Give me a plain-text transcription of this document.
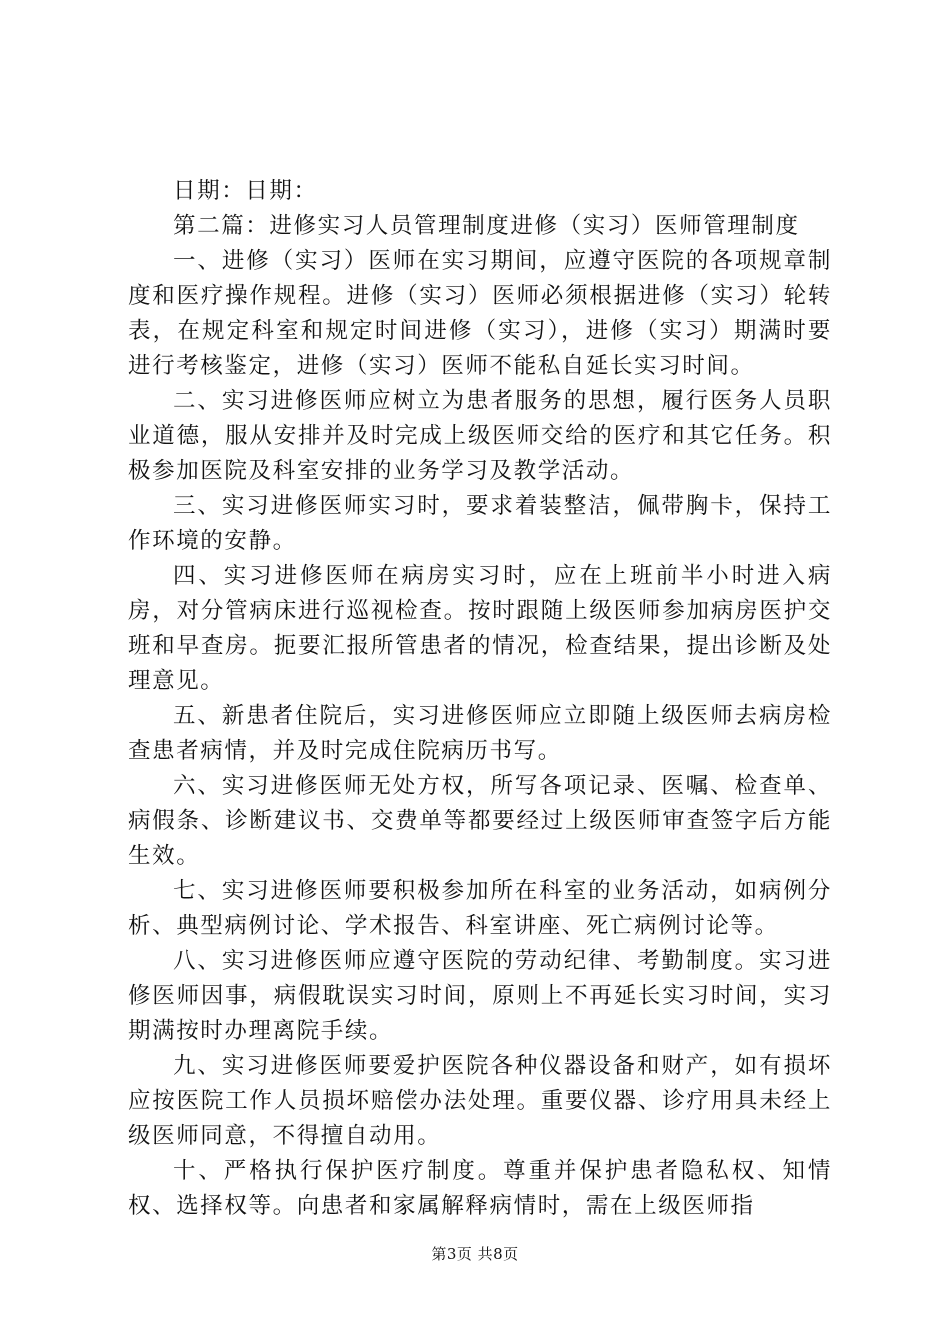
日期：日期：

第二篇：进修实习人员管理制度进修（实习）医师管理制度

一、进修（实习）医师在实习期间，应遵守医院的各项规章制度和医疗操作规程。进修（实习）医师必须根据进修（实习）轮转表，在规定科室和规定时间进修（实习），进修（实习）期满时要进行考核鉴定，进修（实习）医师不能私自延长实习时间。

二、实习进修医师应树立为患者服务的思想，履行医务人员职业道德，服从安排并及时完成上级医师交给的医疗和其它任务。积极参加医院及科室安排的业务学习及教学活动。

三、实习进修医师实习时，要求着装整洁，佩带胸卡，保持工作环境的安静。

四、实习进修医师在病房实习时，应在上班前半小时进入病房，对分管病床进行巡视检查。按时跟随上级医师参加病房医护交班和早查房。扼要汇报所管患者的情况，检查结果，提出诊断及处理意见。

五、新患者住院后，实习进修医师应立即随上级医师去病房检查患者病情，并及时完成住院病历书写。

六、实习进修医师无处方权，所写各项记录、医嘱、检查单、病假条、诊断建议书、交费单等都要经过上级医师审查签字后方能生效。

七、实习进修医师要积极参加所在科室的业务活动，如病例分析、典型病例讨论、学术报告、科室讲座、死亡病例讨论等。

八、实习进修医师应遵守医院的劳动纪律、考勤制度。实习进修医师因事，病假耽误实习时间，原则上不再延长实习时间，实习期满按时办理离院手续。

九、实习进修医师要爱护医院各种仪器设备和财产，如有损坏应按医院工作人员损坏赔偿办法处理。重要仪器、诊疗用具未经上级医师同意，不得擅自动用。

十、严格执行保护医疗制度。尊重并保护患者隐私权、知情权、选择权等。向患者和家属解释病情时，需在上级医师指

第3页 共8页
